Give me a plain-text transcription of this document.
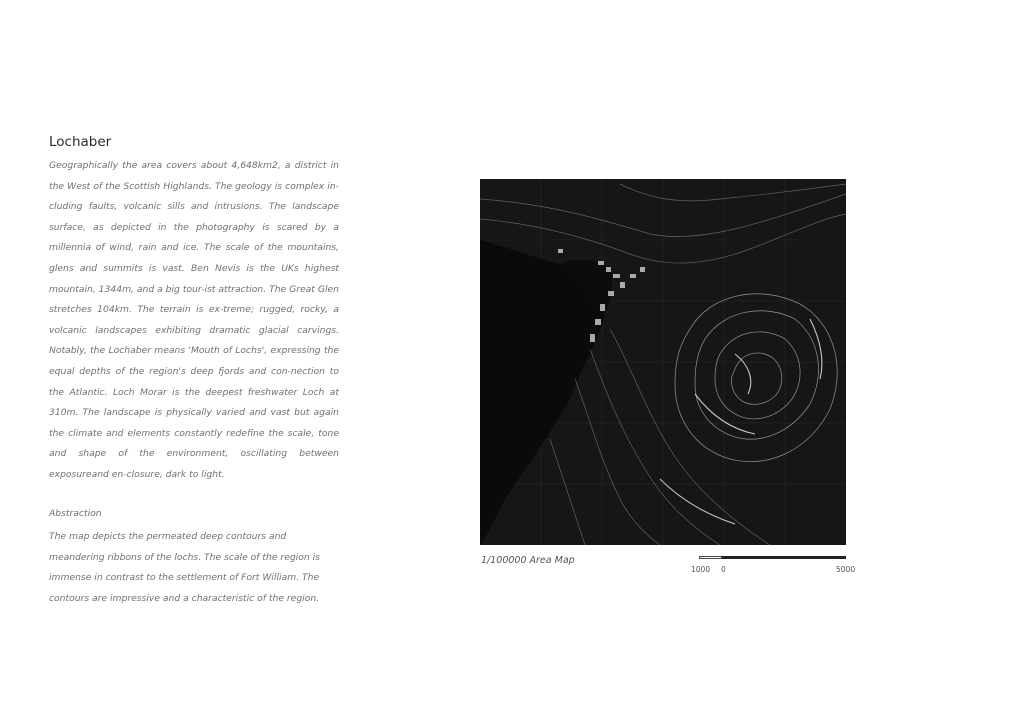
Lochaber

Geographically the area covers about 4,648km2, a district in the West of the Scottish Highlands. The geology is complex in-cluding faults, volcanic sills and intrusions. The landscape surface, as depicted in the photography is scared by a millennia of wind, rain and ice. The scale of the mountains, glens and summits is vast. Ben Nevis is the UKs highest mountain, 1344m, and a big tour-ist attraction. The Great Glen stretches 104km. The terrain is ex-treme; rugged, rocky, a volcanic landscapes exhibiting dramatic glacial carvings. Notably, the Lochaber means 'Mouth of Lochs', expressing the equal depths of the region's deep fjords and con-nection to the Atlantic. Loch Morar is the deepest freshwater Loch at 310m. The landscape is physically varied and vast but again the climate and elements constantly redefine the scale, tone and shape of the environment, oscillating between exposureand en-closure, dark to light.

Abstraction

The map depicts the permeated deep contours and meandering ribbons of the lochs. The scale of the region is immense in contrast to the settlement of Fort William. The contours are impressive and a characteristic of the region.

1/100000 Area Map
1000 0	5000
